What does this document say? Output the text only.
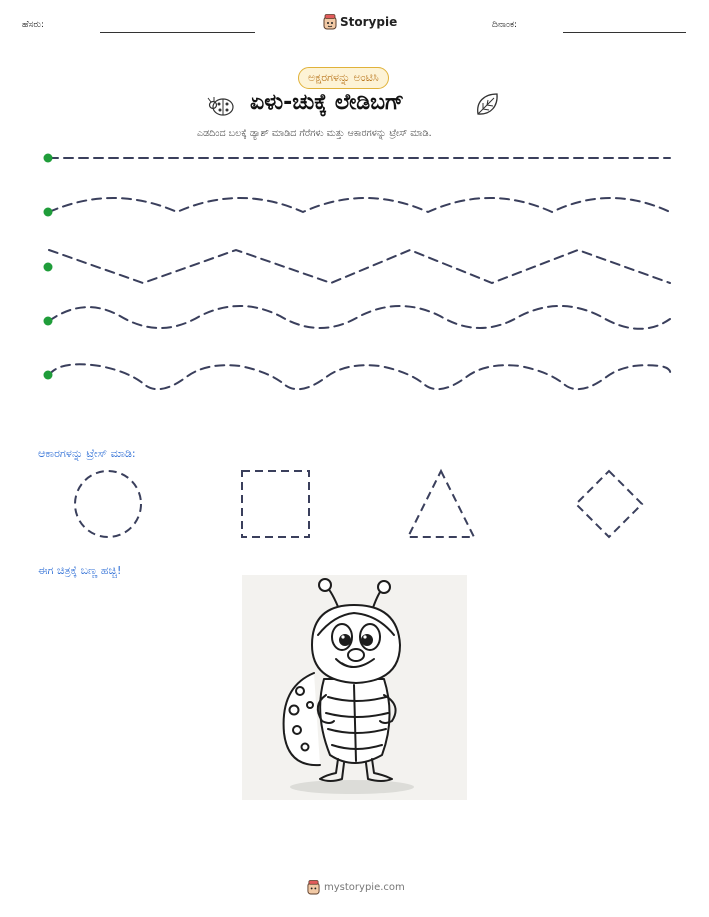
ಹೆಸರು:	Storypie	ದಿನಾಂಕ:
ಅಕ್ಷರಗಳನ್ನು ಅಂಟಿಸಿ
ಏಳು-ಚುಕ್ಕೆ ಲೇಡಿಬಗ್
ಎಡದಿಂದ ಬಲಕ್ಕೆ ಡ್ಯಾಶ್ ಮಾಡಿದ ಗೆರೆಗಳು ಮತ್ತು ಆಕಾರಗಳನ್ನು ಟ್ರೇಸ್ ಮಾಡಿ.
ಆಕಾರಗಳನ್ನು ಟ್ರೇಸ್ ಮಾಡಿ:
ಈಗ ಚಿತ್ರಕ್ಕೆ ಬಣ್ಣ ಹಚ್ಚಿ!
mystorypie.com
